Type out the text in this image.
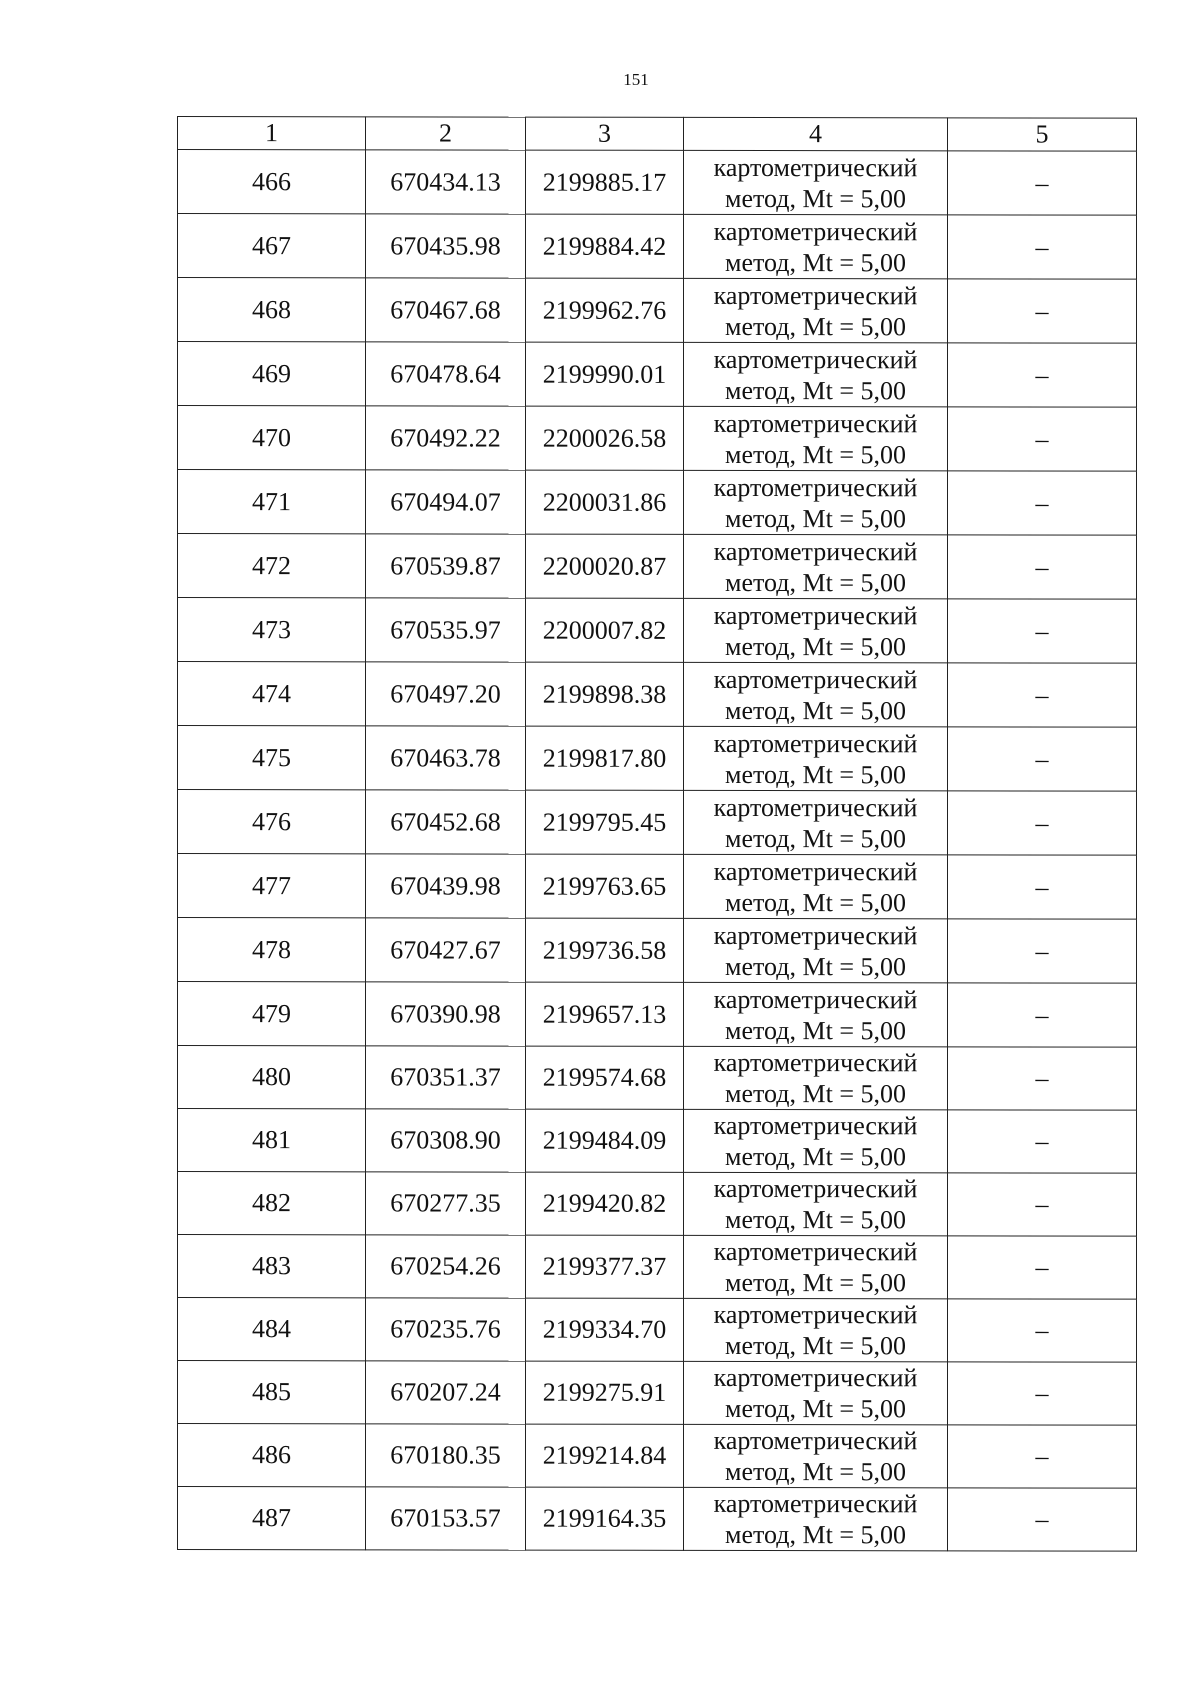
151
1	2	3	4	5
466	670434.13	2199885.17	картометрический
метод, Mt = 5,00	–
467	670435.98	2199884.42	картометрический
метод, Mt = 5,00	–
468	670467.68	2199962.76	картометрический
метод, Mt = 5,00	–
469	670478.64	2199990.01	картометрический
метод, Mt = 5,00	–
470	670492.22	2200026.58	картометрический
метод, Mt = 5,00	–
471	670494.07	2200031.86	картометрический
метод, Mt = 5,00	–
472	670539.87	2200020.87	картометрический
метод, Mt = 5,00	–
473	670535.97	2200007.82	картометрический
метод, Mt = 5,00	–
474	670497.20	2199898.38	картометрический
метод, Mt = 5,00	–
475	670463.78	2199817.80	картометрический
метод, Mt = 5,00	–
476	670452.68	2199795.45	картометрический
метод, Mt = 5,00	–
477	670439.98	2199763.65	картометрический
метод, Mt = 5,00	–
478	670427.67	2199736.58	картометрический
метод, Mt = 5,00	–
479	670390.98	2199657.13	картометрический
метод, Mt = 5,00	–
480	670351.37	2199574.68	картометрический
метод, Mt = 5,00	–
481	670308.90	2199484.09	картометрический
метод, Mt = 5,00	–
482	670277.35	2199420.82	картометрический
метод, Mt = 5,00	–
483	670254.26	2199377.37	картометрический
метод, Mt = 5,00	–
484	670235.76	2199334.70	картометрический
метод, Mt = 5,00	–
485	670207.24	2199275.91	картометрический
метод, Mt = 5,00	–
486	670180.35	2199214.84	картометрический
метод, Mt = 5,00	–
487	670153.57	2199164.35	картометрический
метод, Mt = 5,00	–
